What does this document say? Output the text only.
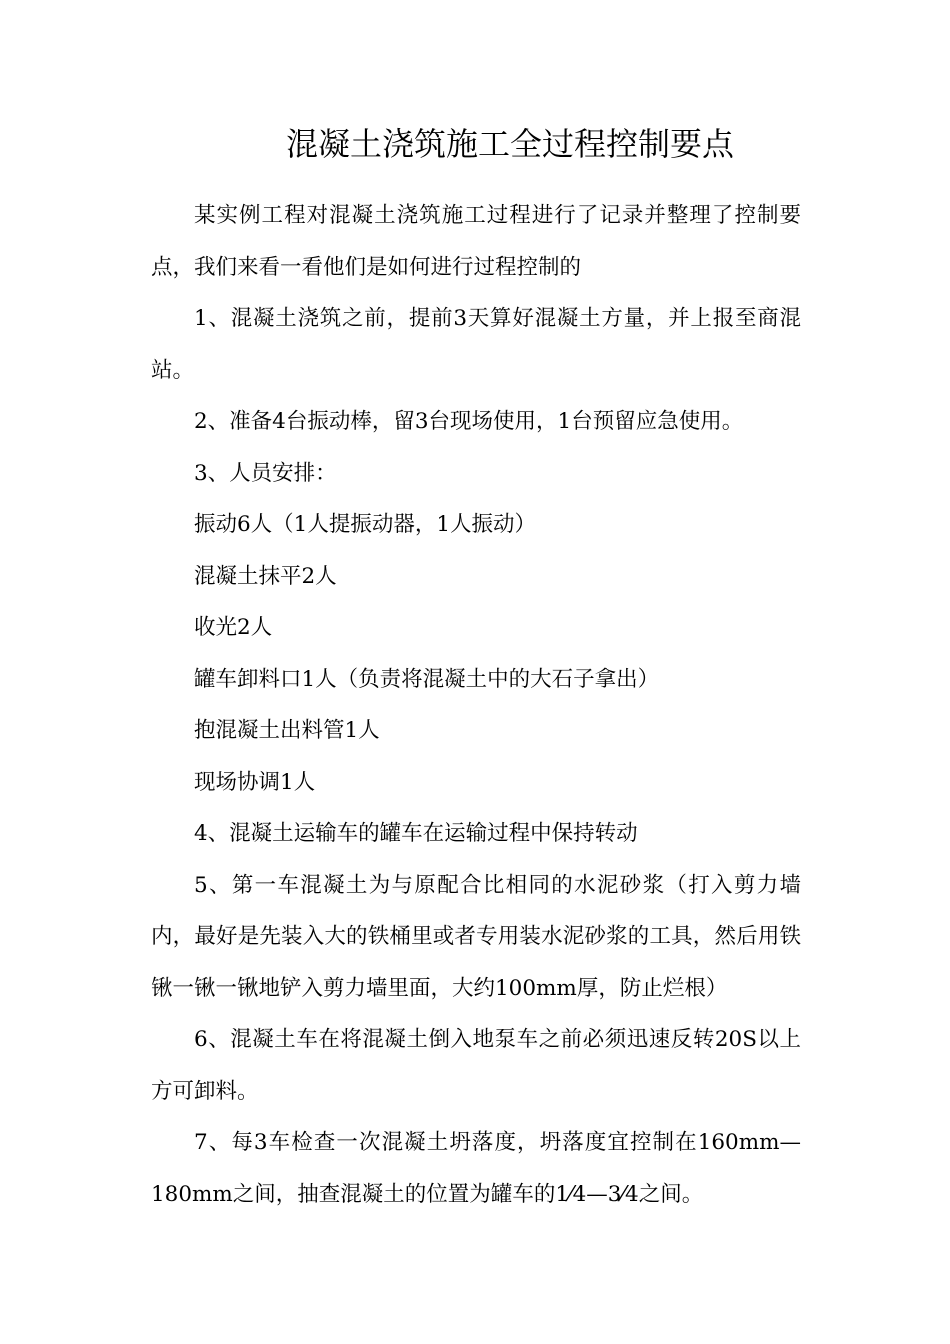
混凝土浇筑施工全过程控制要点

某实例工程对混凝土浇筑施工过程进行了记录并整理了控制要点，我们来看一看他们是如何进行过程控制的

1、混凝土浇筑之前，提前3天算好混凝土方量，并上报至商混站。

2、准备4台振动棒，留3台现场使用，1台预留应急使用。

3、人员安排：

振动6人（1人提振动器，1人振动）

混凝土抹平2人

收光2人

罐车卸料口1人（负责将混凝土中的大石子拿出）

抱混凝土出料管1人

现场协调1人

4、混凝土运输车的罐车在运输过程中保持转动

5、第一车混凝土为与原配合比相同的水泥砂浆（打入剪力墙内，最好是先装入大的铁桶里或者专用装水泥砂浆的工具，然后用铁锹一锹一锹地铲入剪力墙里面，大约100mm厚，防止烂根）

6、混凝土车在将混凝土倒入地泵车之前必须迅速反转20S以上方可卸料。

7、每3车检查一次混凝土坍落度，坍落度宜控制在160mm—180mm之间，抽查混凝土的位置为罐车的1⁄4—3⁄4之间。
